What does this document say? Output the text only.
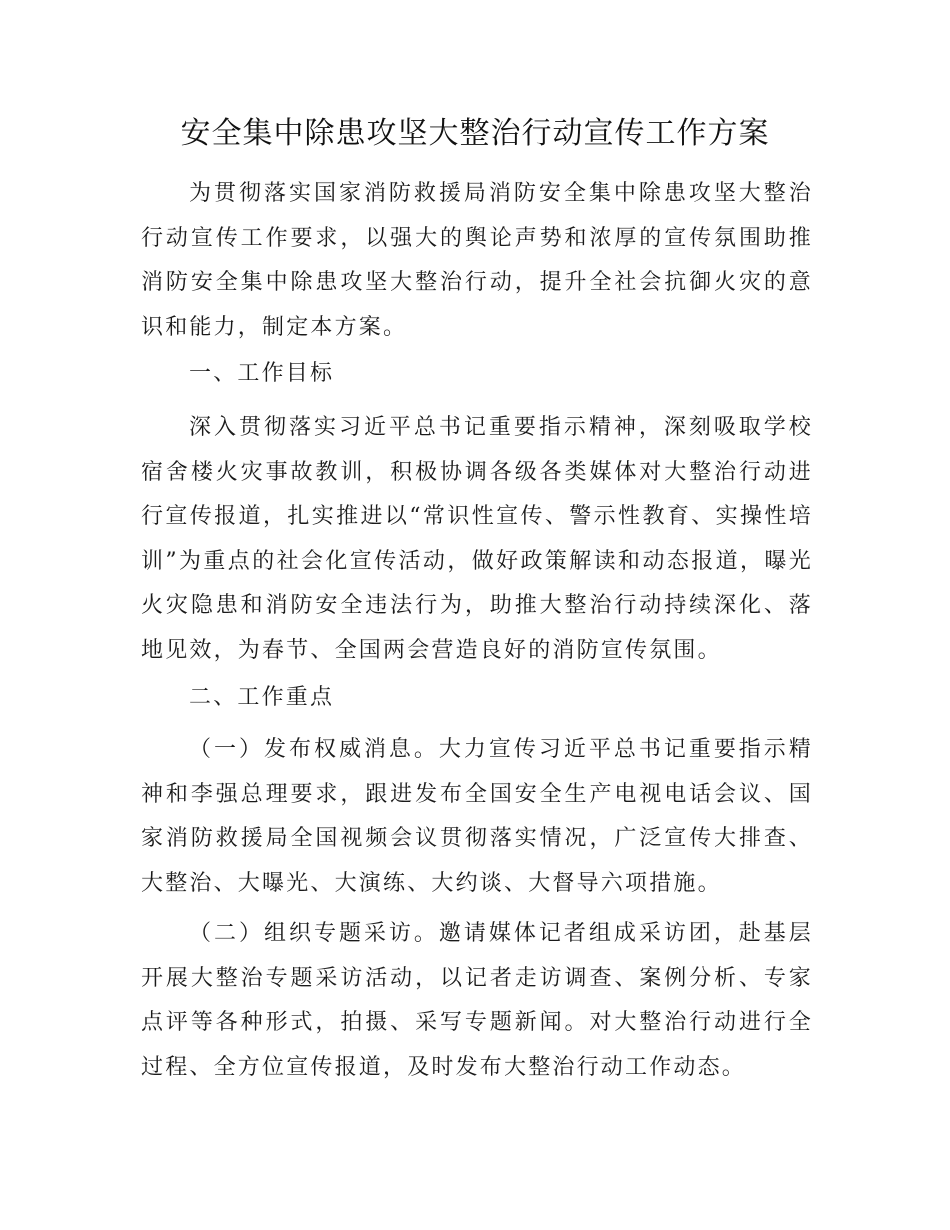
安全集中除患攻坚大整治行动宣传工作方案

为贯彻落实国家消防救援局消防安全集中除患攻坚大整治行动宣传工作要求，以强大的舆论声势和浓厚的宣传氛围助推消防安全集中除患攻坚大整治行动，提升全社会抗御火灾的意识和能力，制定本方案。

一、工作目标

深入贯彻落实习近平总书记重要指示精神，深刻吸取学校宿舍楼火灾事故教训，积极协调各级各类媒体对大整治行动进行宣传报道，扎实推进以“常识性宣传、警示性教育、实操性培训”为重点的社会化宣传活动，做好政策解读和动态报道，曝光火灾隐患和消防安全违法行为，助推大整治行动持续深化、落地见效，为春节、全国两会营造良好的消防宣传氛围。

二、工作重点

（一）发布权威消息。大力宣传习近平总书记重要指示精神和李强总理要求，跟进发布全国安全生产电视电话会议、国家消防救援局全国视频会议贯彻落实情况，广泛宣传大排查、大整治、大曝光、大演练、大约谈、大督导六项措施。

（二）组织专题采访。邀请媒体记者组成采访团，赴基层开展大整治专题采访活动，以记者走访调查、案例分析、专家点评等各种形式，拍摄、采写专题新闻。对大整治行动进行全过程、全方位宣传报道，及时发布大整治行动工作动态。
